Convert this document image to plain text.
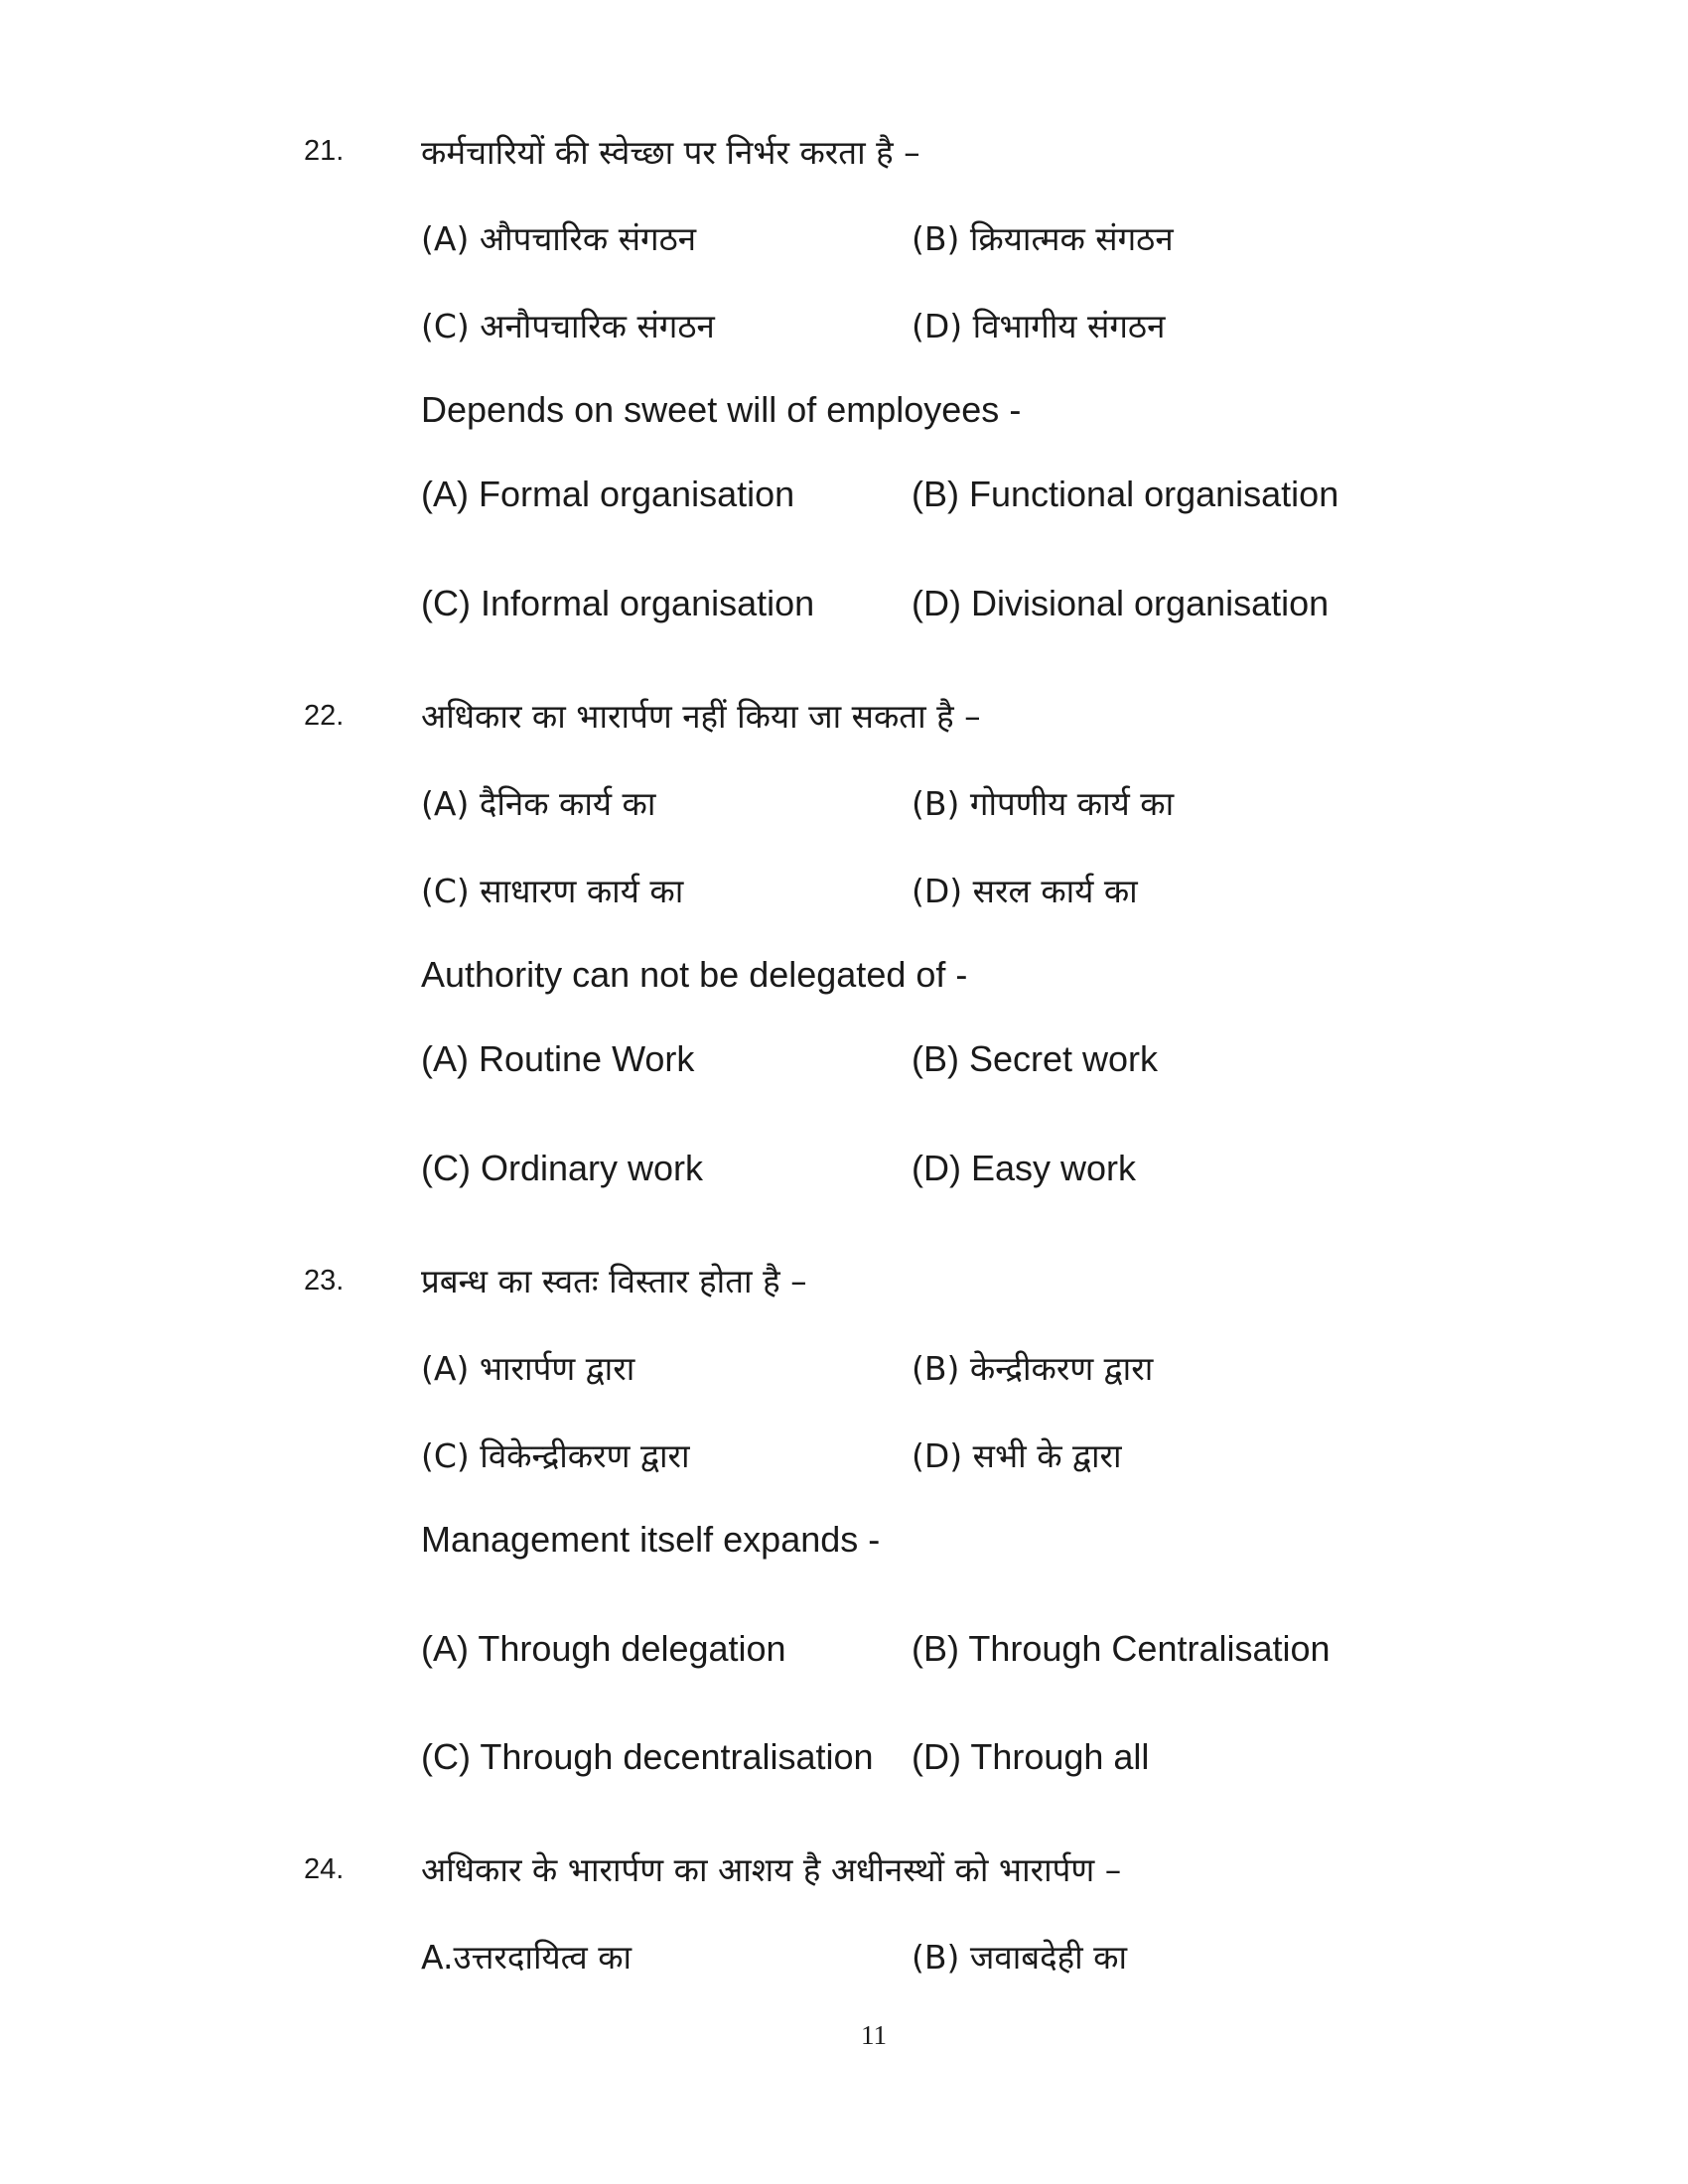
21. कर्मचारियों की स्वेच्छा पर निर्भर करता है –
(A) औपचारिक संगठन	(B) क्रियात्मक संगठन
(C) अनौपचारिक संगठन	(D) विभागीय संगठन
Depends on sweet will of employees -
(A) Formal organisation	(B) Functional organisation
(C) Informal organisation	(D) Divisional organisation
22. अधिकार का भारार्पण नहीं किया जा सकता है –
(A) दैनिक कार्य का	(B) गोपणीय कार्य का
(C) साधारण कार्य का	(D) सरल कार्य का
Authority can not be delegated of -
(A) Routine Work	(B) Secret work
(C) Ordinary work	(D) Easy work
23. प्रबन्ध का स्वतः विस्तार होता है –
(A) भारार्पण द्वारा	(B) केन्द्रीकरण द्वारा
(C) विकेन्द्रीकरण द्वारा	(D) सभी के द्वारा
Management itself expands -
(A) Through delegation	(B) Through Centralisation
(C) Through decentralisation (D) Through all
24. अधिकार के भारार्पण का आशय है अधीनस्थों को भारार्पण –
A.उत्तरदायित्व का	(B) जवाबदेही का
11
